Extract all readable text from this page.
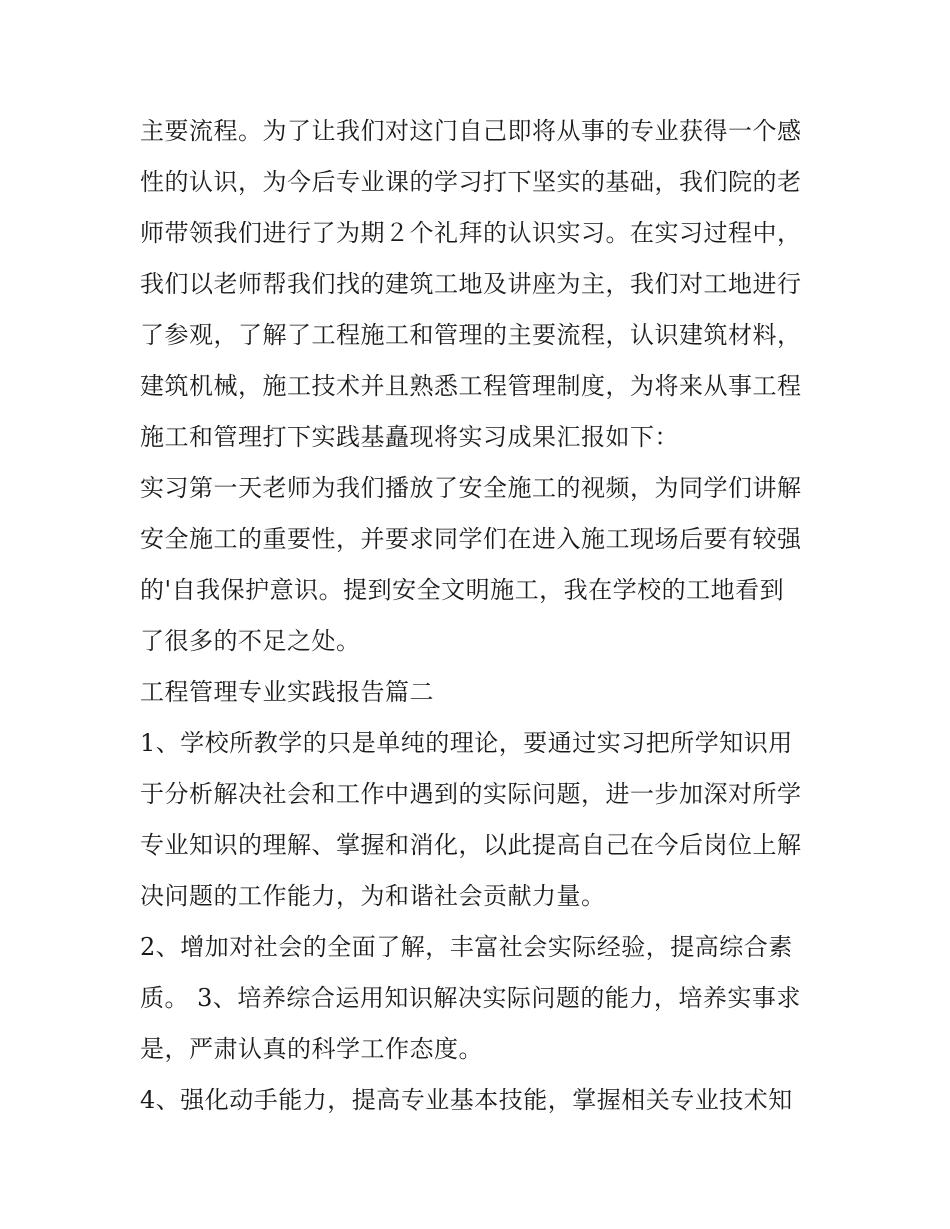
主要流程。为了让我们对这门自己即将从事的专业获得一个感
性的认识，为今后专业课的学习打下坚实的基础，我们院的老
师带领我们进行了为期２个礼拜的认识实习。在实习过程中，
我们以老师帮我们找的建筑工地及讲座为主，我们对工地进行
了参观，了解了工程施工和管理的主要流程，认识建筑材料，
建筑机械，施工技术并且熟悉工程管理制度，为将来从事工程
施工和管理打下实践基矗现将实习成果汇报如下：
实习第一天老师为我们播放了安全施工的视频，为同学们讲解
安全施工的重要性，并要求同学们在进入施工现场后要有较强
的'自我保护意识。提到安全文明施工，我在学校的工地看到
了很多的不足之处。
工程管理专业实践报告篇二
1、学校所教学的只是单纯的理论，要通过实习把所学知识用
于分析解决社会和工作中遇到的实际问题，进一步加深对所学
专业知识的理解、掌握和消化，以此提高自己在今后岗位上解
决问题的工作能力，为和谐社会贡献力量。
2、增加对社会的全面了解，丰富社会实际经验，提高综合素
质。 3、培养综合运用知识解决实际问题的能力，培养实事求
是，严肃认真的科学工作态度。
4、强化动手能力，提高专业基本技能，掌握相关专业技术知
